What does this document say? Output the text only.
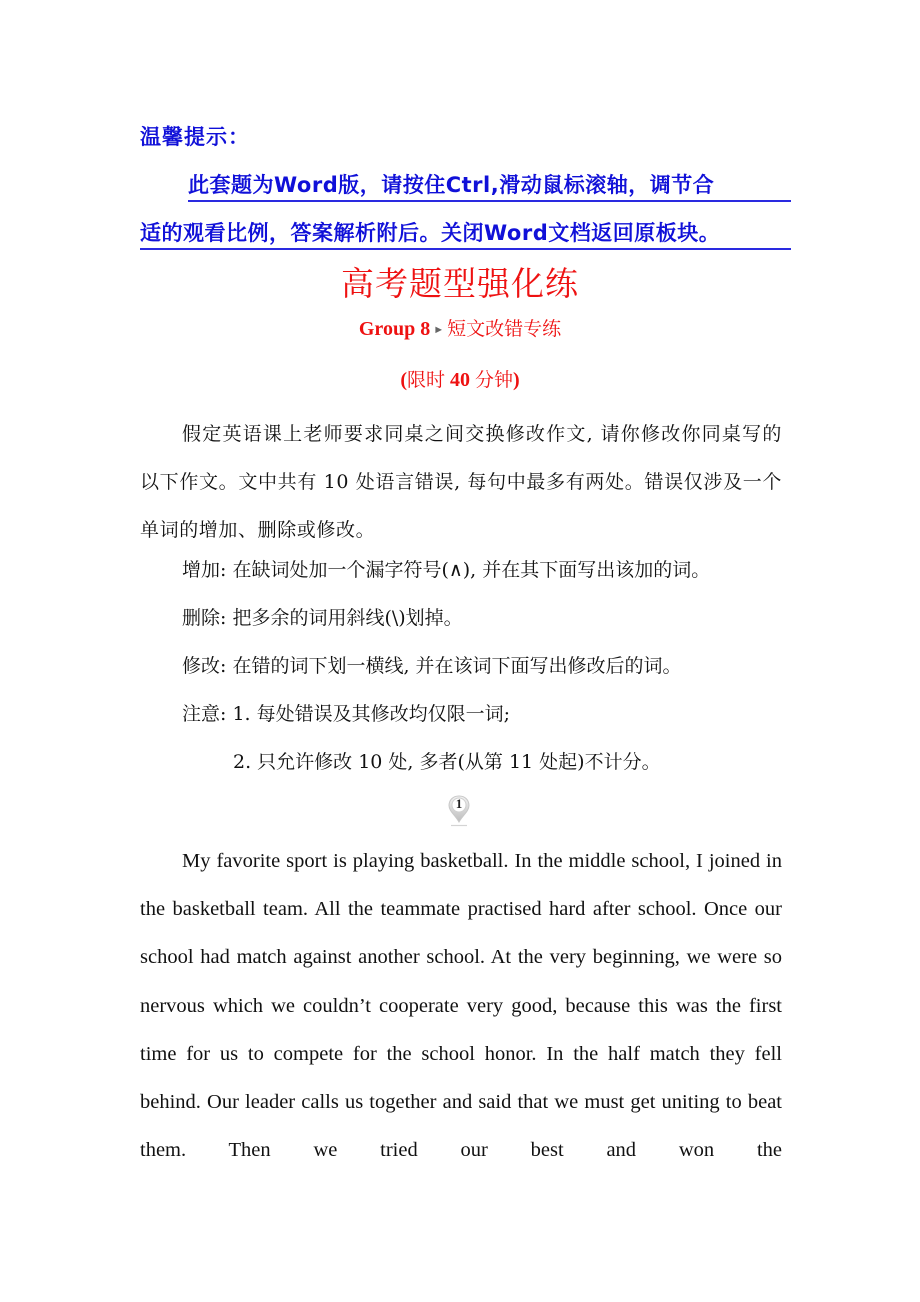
温馨提示：
此套题为Word版，请按住Ctrl,滑动鼠标滚轴，调节合
适的观看比例，答案解析附后。关闭Word文档返回原板块。
高考题型强化练
Group 8 ► 短文改错专练
(限时 40 分钟)
假定英语课上老师要求同桌之间交换修改作文, 请你修改你同桌写的以下作文。文中共有 10 处语言错误, 每句中最多有两处。错误仅涉及一个单词的增加、删除或修改。
增加: 在缺词处加一个漏字符号(∧), 并在其下面写出该加的词。
删除: 把多余的词用斜线(\)划掉。
修改: 在错的词下划一横线, 并在该词下面写出修改后的词。
注意: 1. 每处错误及其修改均仅限一词;
2. 只允许修改 10 处, 多者(从第 11 处起)不计分。
1
My favorite sport is playing basketball. In the middle school, I joined in the basketball team. All the teammate practised hard after school. Once our school had match against another school. At the very beginning, we were so nervous which we couldn’t cooperate very good, because this was the first time for us to compete for the school honor. In the half match they fell behind. Our leader calls us together and said that we must get uniting to beat them. Then we tried our best and won the
